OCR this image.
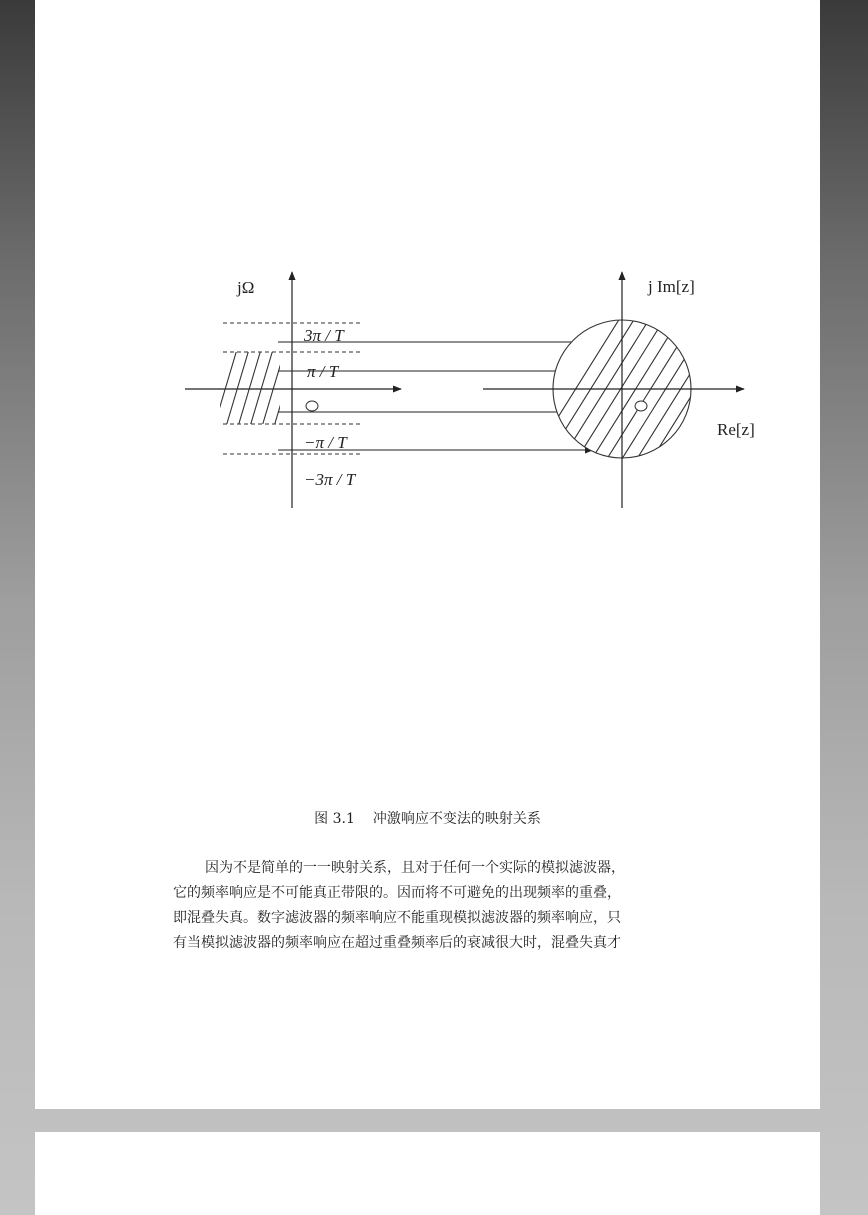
jΩ
3π / T
π / T
−π / T
−3π / T
j Im[z]
Re[z]
图 3.1 冲激响应不变法的映射关系
因为不是简单的一一映射关系，且对于任何一个实际的模拟滤波器，
它的频率响应是不可能真正带限的。因而将不可避免的出现频率的重叠，
即混叠失真。数字滤波器的频率响应不能重现模拟滤波器的频率响应，只
有当模拟滤波器的频率响应在超过重叠频率后的衰减很大时，混叠失真才
